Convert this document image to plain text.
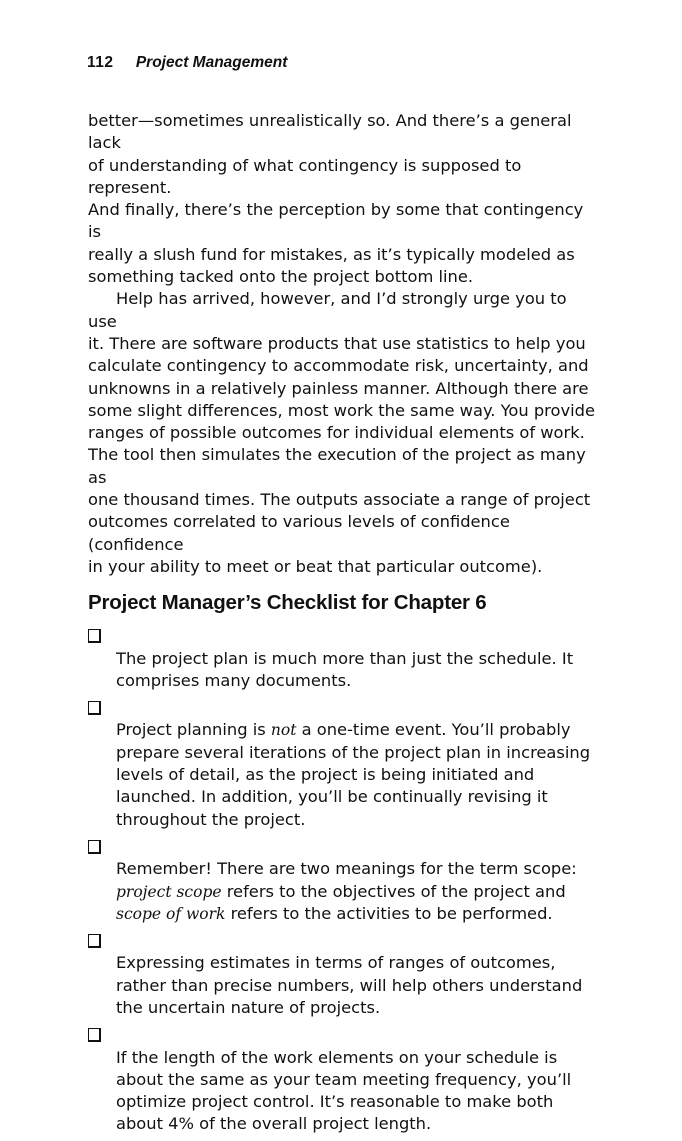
112 Project Management

better—sometimes unrealistically so. And there’s a general lack
of understanding of what contingency is supposed to represent.
And finally, there’s the perception by some that contingency is
really a slush fund for mistakes, as it’s typically modeled as
something tacked onto the project bottom line.

Help has arrived, however, and I’d strongly urge you to use
it. There are software products that use statistics to help you
calculate contingency to accommodate risk, uncertainty, and
unknowns in a relatively painless manner. Although there are
some slight differences, most work the same way. You provide
ranges of possible outcomes for individual elements of work.
The tool then simulates the execution of the project as many as
one thousand times. The outputs associate a range of project
outcomes correlated to various levels of confidence (confidence
in your ability to meet or beat that particular outcome).

Project Manager’s Checklist for Chapter 6

The project plan is much more than just the schedule. It
comprises many documents.

Project planning is not a one-time event. You’ll probably
prepare several iterations of the project plan in increasing
levels of detail, as the project is being initiated and
launched. In addition, you’ll be continually revising it
throughout the project.

Remember! There are two meanings for the term scope:
project scope refers to the objectives of the project and
scope of work refers to the activities to be performed.

Expressing estimates in terms of ranges of outcomes,
rather than precise numbers, will help others understand
the uncertain nature of projects.

If the length of the work elements on your schedule is
about the same as your team meeting frequency, you’ll
optimize project control. It’s reasonable to make both
about 4% of the overall project length.
